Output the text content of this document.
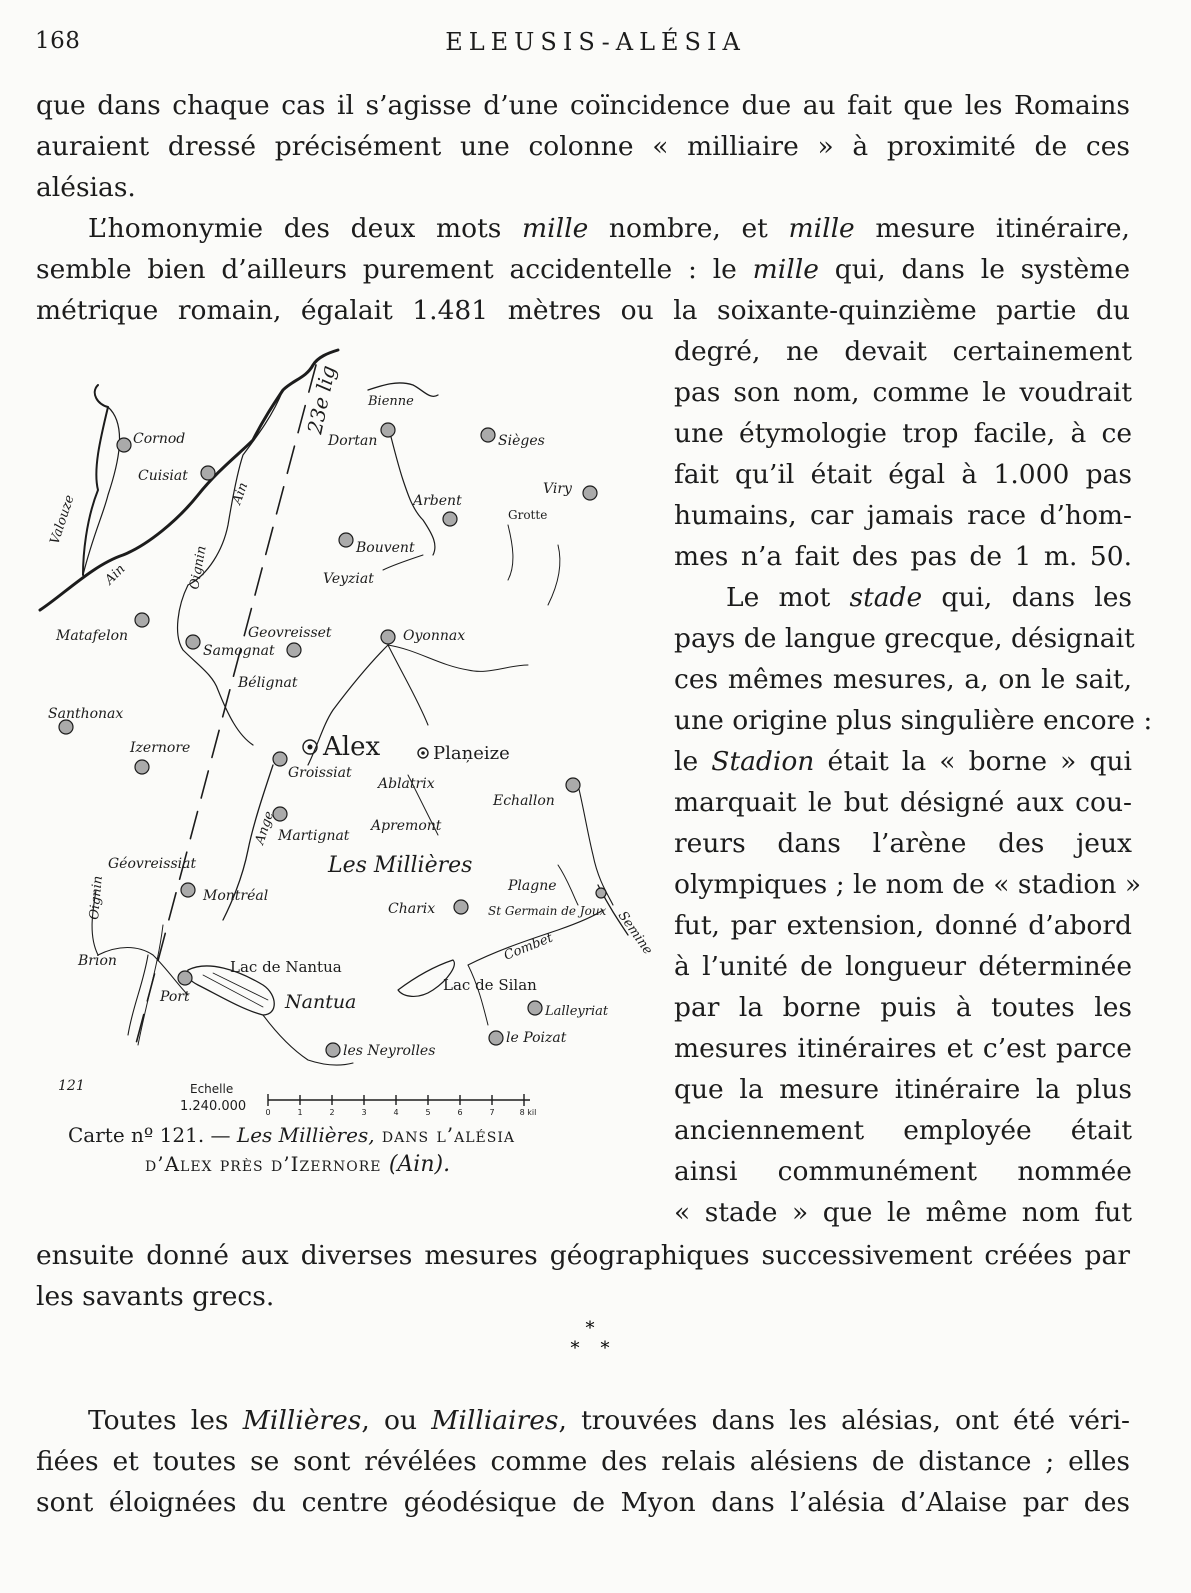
168	ELEUSIS-ALÉSIA
que dans chaque cas il s’agisse d’une coïncidence due au fait que les Romains
auraient dressé précisément une colonne « milliaire » à proximité de ces
alésias.
L’homonymie des deux mots mille nombre, et mille mesure itinéraire,
semble bien d’ailleurs purement accidentelle : le mille qui, dans le système
métrique romain, égalait 1.481 mètres ou la soixante-quinzième partie du
degré, ne devait certainement
pas son nom, comme le voudrait
une étymologie trop facile, à ce
fait qu’il était égal à 1.000 pas
humains, car jamais race d’hom-
mes n’a fait des pas de 1 m. 50.
Le mot stade qui, dans les
pays de langue grecque, désignait
ces mêmes mesures, a, on le sait,
une origine plus singulière encore :
le Stadion était la « borne » qui
marquait le but désigné aux cou-
reurs dans l’arène des jeux
olympiques ; le nom de « stadion »
fut, par extension, donné d’abord
à l’unité de longueur déterminée
par la borne puis à toutes les
mesures itinéraires et c’est parce
que la mesure itinéraire la plus
anciennement employée était
ainsi communément nommée
« stade » que le même nom fut
ensuite donné aux diverses mesures géographiques successivement créées par
les savants grecs.
*
* *
Toutes les Millières, ou Milliaires, trouvées dans les alésias, ont été véri-
fiées et toutes se sont révélées comme des relais alésiens de distance ; elles
sont éloignées du centre géodésique de Myon dans l’alésia d’Alaise par des
Cornod
Cuisiat
Dortan
Bienne
Sièges
Viry
Arbent
Grotte
Bouvent
Veyziat
Matafelon	Geovreisset
Samognat
Oyonnax
Bélignat
Santhonax
Izernore	Alex	Plaņeize
Groissiat
Ablatrix
Echallon
Martignat
Apremont
Les Millières
Géovreissiat
Montréal
Plagne
Charix	St Germain de Joux
Brion	Lac de Nantua
Port	Nantua
Lac de Silan
Lalleyriat
le Poizat
les Neyrolles
Valouze
Ain
Ain
Oignin
Oignin
Ange
Combet	Semine
23e lig
121	Echelle
1.240.000 0	1	2	3	4	5	6	7	8 kil
Carte nº 121. — Les Millières, dans l’alésia
d’Alex près d’Izernore (Ain).
